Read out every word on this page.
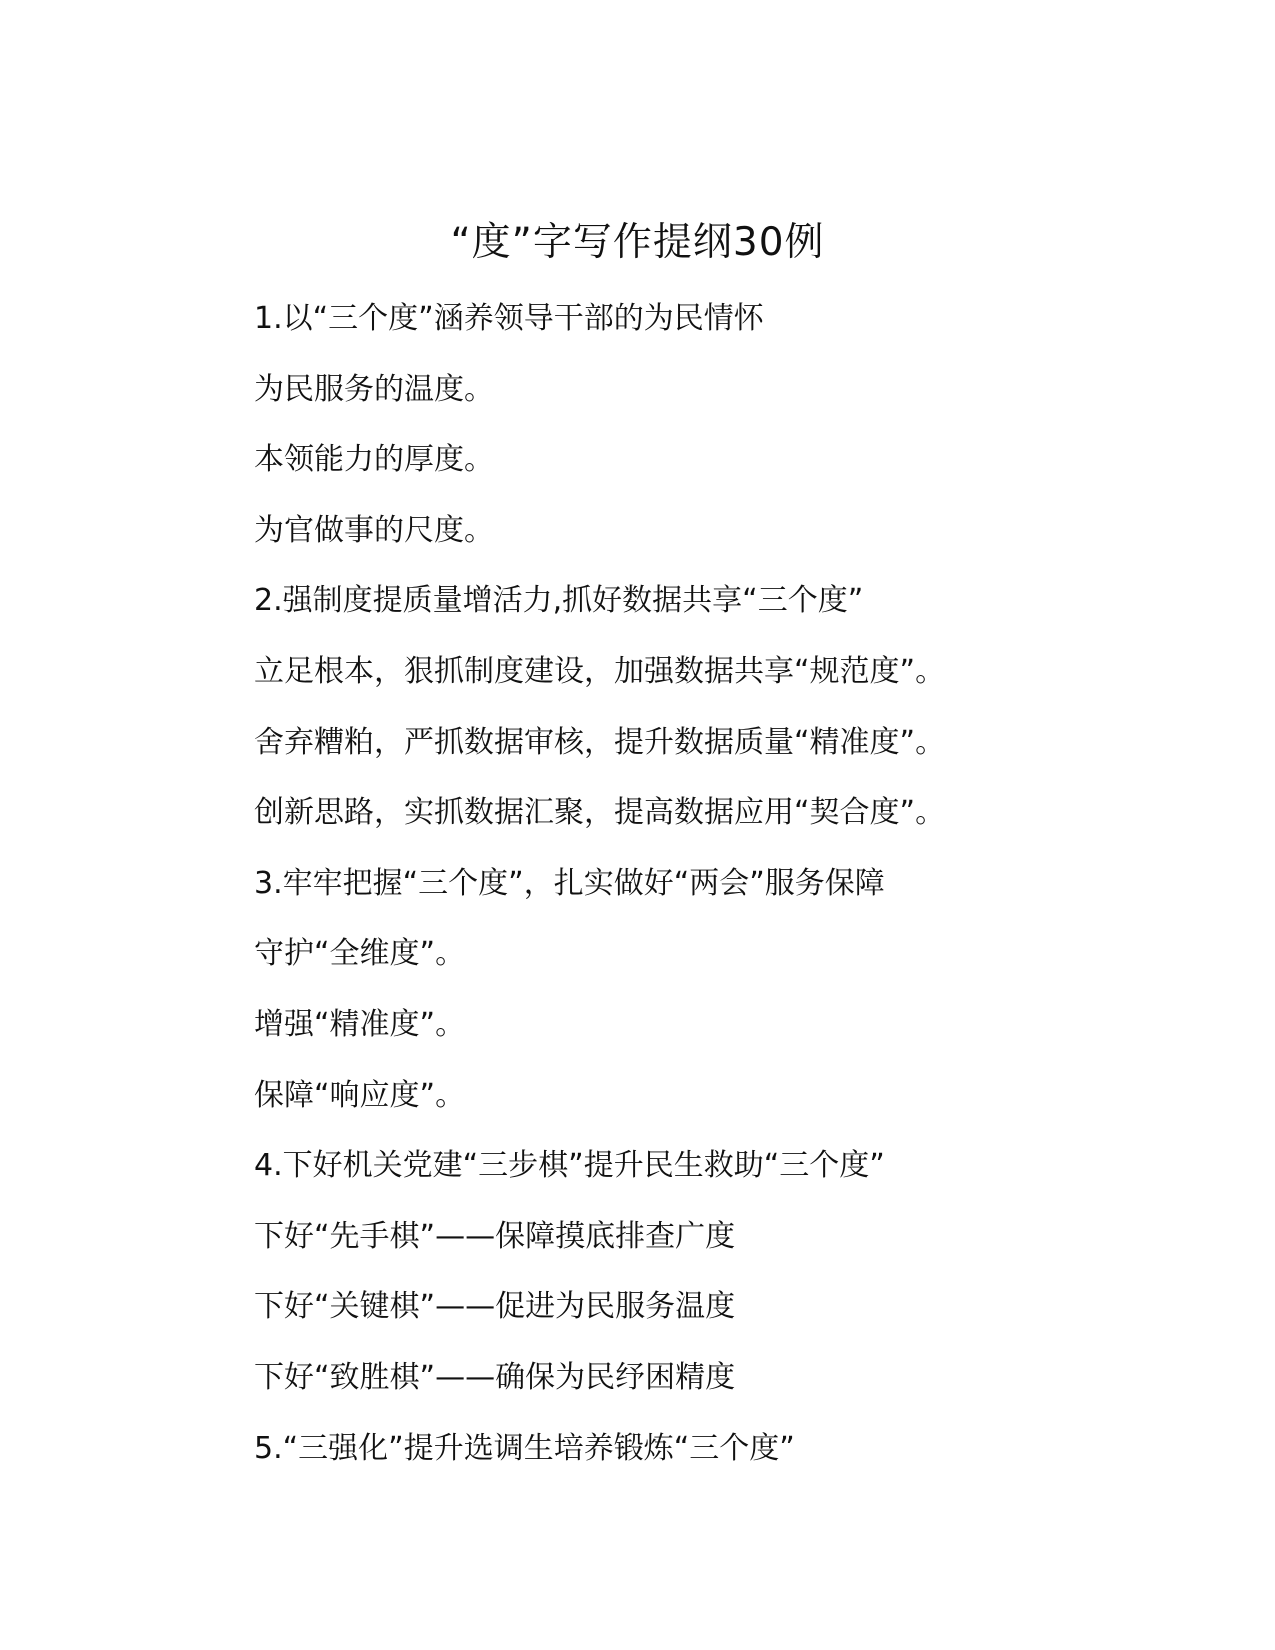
“度”字写作提纲30例
1.以“三个度”涵养领导干部的为民情怀
为民服务的温度。
本领能力的厚度。
为官做事的尺度。
2.强制度提质量增活力,抓好数据共享“三个度”
立足根本，狠抓制度建设，加强数据共享“规范度”。
舍弃糟粕，严抓数据审核，提升数据质量“精准度”。
创新思路，实抓数据汇聚，提高数据应用“契合度”。
3.牢牢把握“三个度”，扎实做好“两会”服务保障
守护“全维度”。
增强“精准度”。
保障“响应度”。
4.下好机关党建“三步棋”提升民生救助“三个度”
下好“先手棋”——保障摸底排查广度
下好“关键棋”——促进为民服务温度
下好“致胜棋”——确保为民纾困精度
5.“三强化”提升选调生培养锻炼“三个度”
